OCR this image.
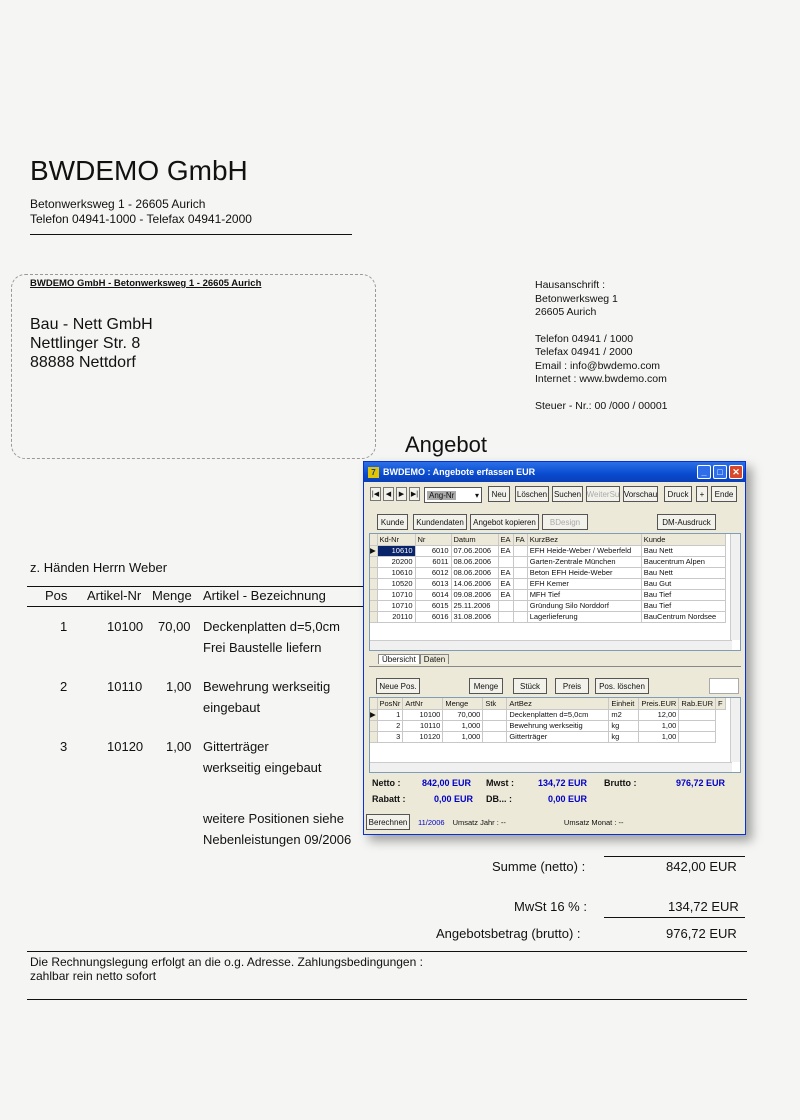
BWDEMO GmbH
Betonwerksweg 1 - 26605 Aurich
Telefon 04941-1000 - Telefax 04941-2000
BWDEMO GmbH - Betonwerksweg 1 - 26605 Aurich
Bau - Nett GmbH
Nettlinger Str. 8
88888 Nettdorf
Hausanschrift :
Betonwerksweg 1
26605 Aurich
Telefon 04941 / 1000
Telefax 04941 / 2000
Email : info@bwdemo.com
Internet : www.bwdemo.com
Steuer - Nr.: 00 /000 / 00001
Angebot
z. Händen Herrn Weber
Pos Artikel-Nr Menge Artikel - Bezeichnung
1	10100 70,00 Deckenplatten d=5,0cm
Frei Baustelle liefern
2	10110 1,00 Bewehrung werkseitig
eingebaut
3	10120 1,00 Gitterträger
werkseitig eingebaut
weitere Positionen siehe
Nebenleistungen 09/2006
Summe (netto) :	842,00 EUR
MwSt 16 % :	134,72 EUR
Angebotsbetrag (brutto) :	976,72 EUR
Die Rechnungslegung erfolgt an die o.g. Adresse. Zahlungsbedingungen :
zahlbar rein netto sofort
7 BWDEMO : Angebote erfassen EUR	_	□	✕
|◀ ◀	▶ ▶| Ang-Nr	▾	Neu	Löschen Suchen WeiterSu Vorschau	Druck	+	Ende
Kunde	Kundendaten	Angebot kopieren	BDesign	DM-Ausdruck
	Kd-Nr	Nr	Datum	EA	FA	KurzBez	Kunde
▶	10610	6010	07.06.2006	EA		EFH Heide-Weber / Weberfeld	Bau Nett
	20200	6011	08.06.2006			Garten-Zentrale München	Baucentrum Alpen
	10610	6012	08.06.2006	EA		Beton EFH Heide-Weber	Bau Nett
	10520	6013	14.06.2006	EA		EFH Kemer	Bau Gut
	10710	6014	09.08.2006	EA		MFH Tief	Bau Tief
	10710	6015	25.11.2006			Gründung Silo Norddorf	Bau Tief
	20110	6016	31.08.2006			Lagerlieferung	BauCentrum Nordsee
Übersicht	Daten
Neue Pos.	Menge	Stück	Preis	Pos. löschen
	PosNr	ArtNr	Menge	Stk	ArtBez	Einheit	Preis.EUR	Rab.EUR	F
▶	1	10100	70,000		Deckenplatten d=5,0cm	m2	12,00		
	2	10110	1,000		Bewehrung werkseitig	kg	1,00		
	3	10120	1,000		Gitterträger	kg	1,00		
Netto : 842,00 EUR Mwst :	134,72 EUR Brutto :	976,72 EUR
Rabatt :	0,00 EUR DB... :	0,00 EUR
Berechnen	11/2006 Umsatz Jahr : --	Umsatz Monat : --
